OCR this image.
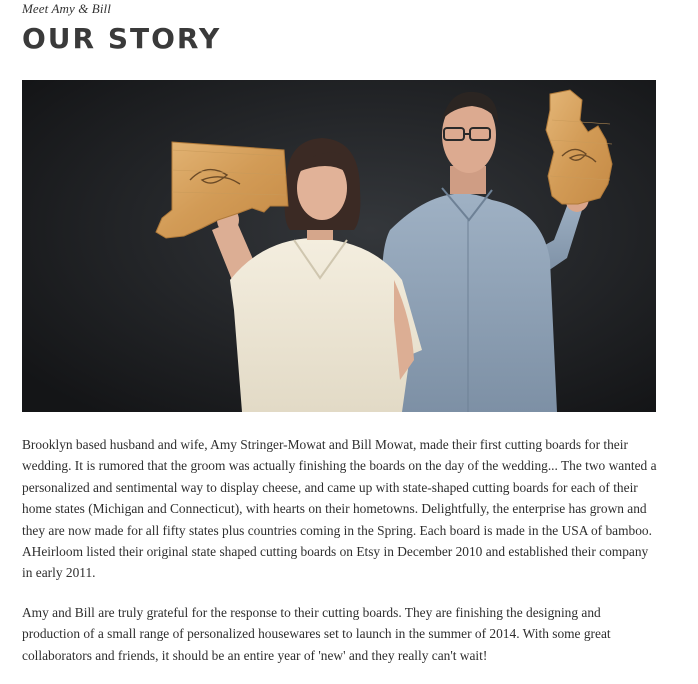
Meet Amy & Bill
OUR STORY

Brooklyn based husband and wife, Amy Stringer-Mowat and Bill Mowat, made their first cutting boards for their wedding. It is rumored that the groom was actually finishing the boards on the day of the wedding... The two wanted a personalized and sentimental way to display cheese, and came up with state-shaped cutting boards for each of their home states (Michigan and Connecticut), with hearts on their hometowns. Delightfully, the enterprise has grown and they are now made for all fifty states plus countries coming in the Spring. Each board is made in the USA of bamboo. AHeirloom listed their original state shaped cutting boards on Etsy in December 2010 and established their company in early 2011.

Amy and Bill are truly grateful for the response to their cutting boards. They are finishing the designing and production of a small range of personalized housewares set to launch in the summer of 2014. With some great collaborators and friends, it should be an entire year of 'new' and they really can't wait!
